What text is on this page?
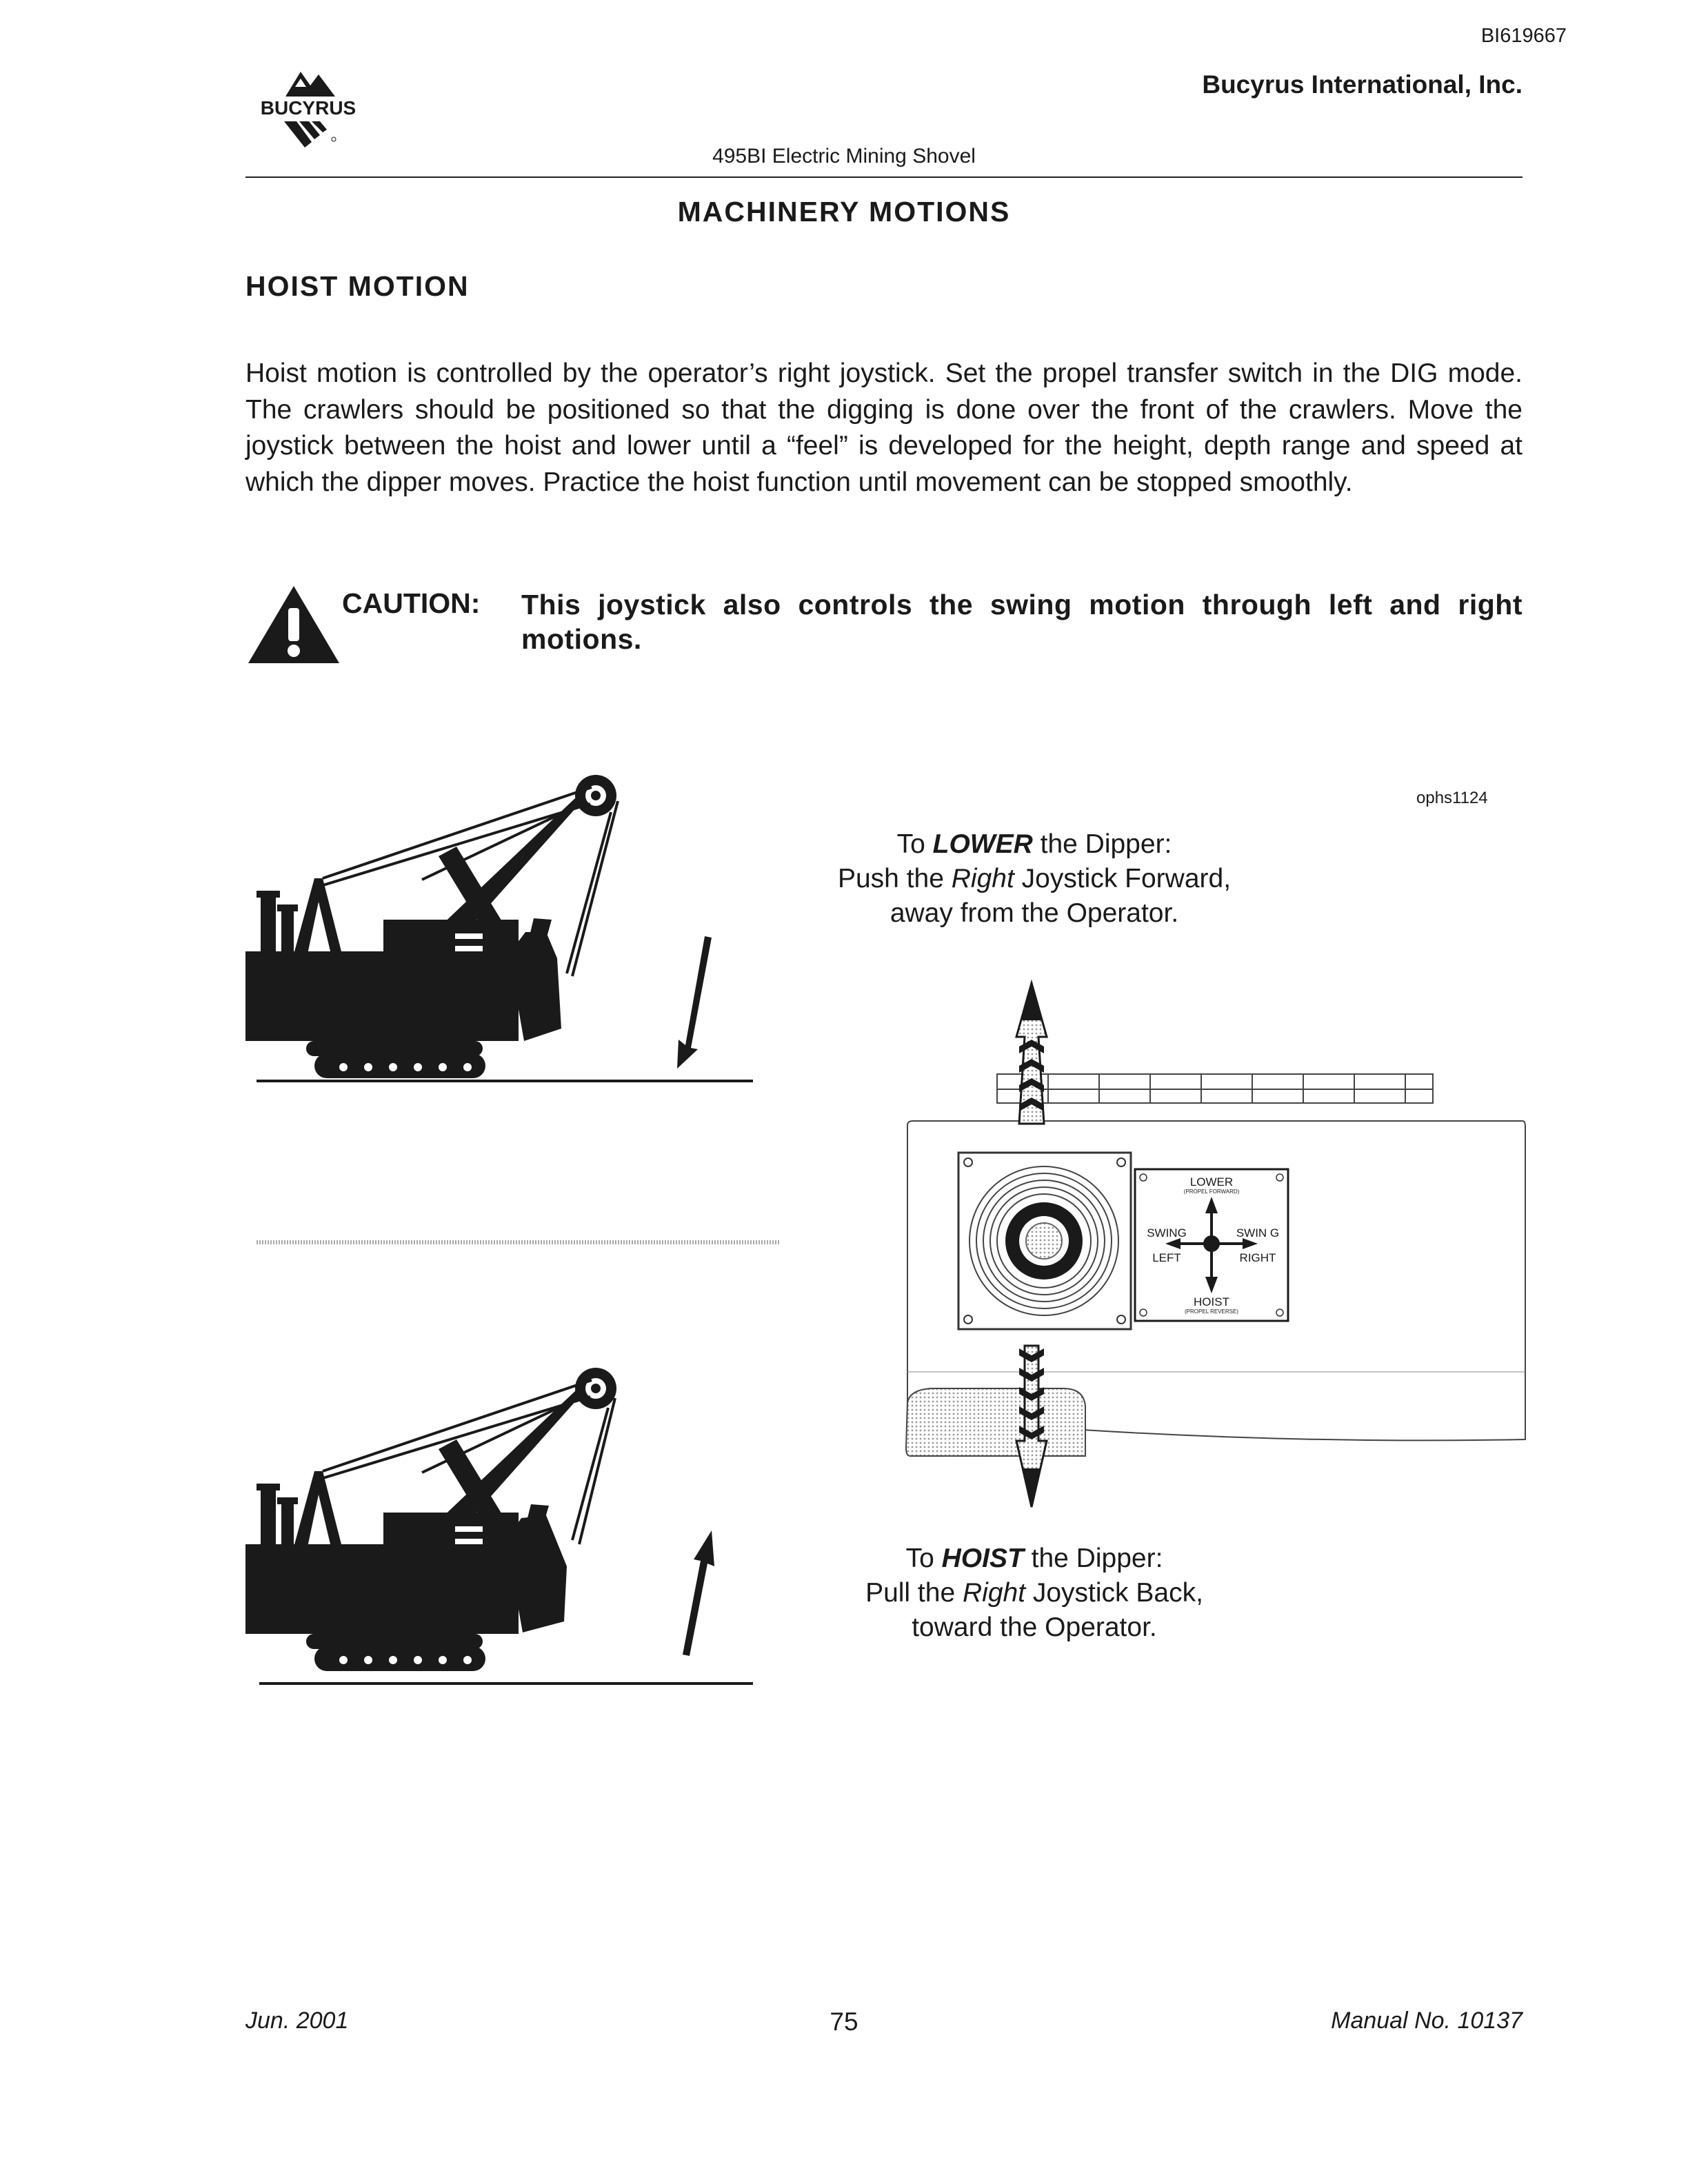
BI619667
BUCYRUS
Bucyrus International, Inc.
495BI Electric Mining Shovel
MACHINERY MOTIONS
HOIST MOTION
Hoist motion is controlled by the operator’s right joystick. Set the propel transfer switch in the DIG mode. The crawlers should be positioned so that the digging is done over the front of the crawlers. Move the joystick between the hoist and lower until a “feel” is developed for the height, depth range and speed at which the dipper moves. Practice the hoist function until movement can be stopped smoothly.
CAUTION: This joystick also controls the swing motion through left and right motions.
ophs1124
To LOWER the Dipper:
Push the Right Joystick Forward,
away from the Operator.
To HOIST the Dipper:
Pull the Right Joystick Back,
toward the Operator.
LOWER
(PROPEL FORWARD)
SWING
LEFT
SWIN G
RIGHT
HOIST
(PROPEL REVERSE)
Jun. 2001	75	Manual No. 10137
